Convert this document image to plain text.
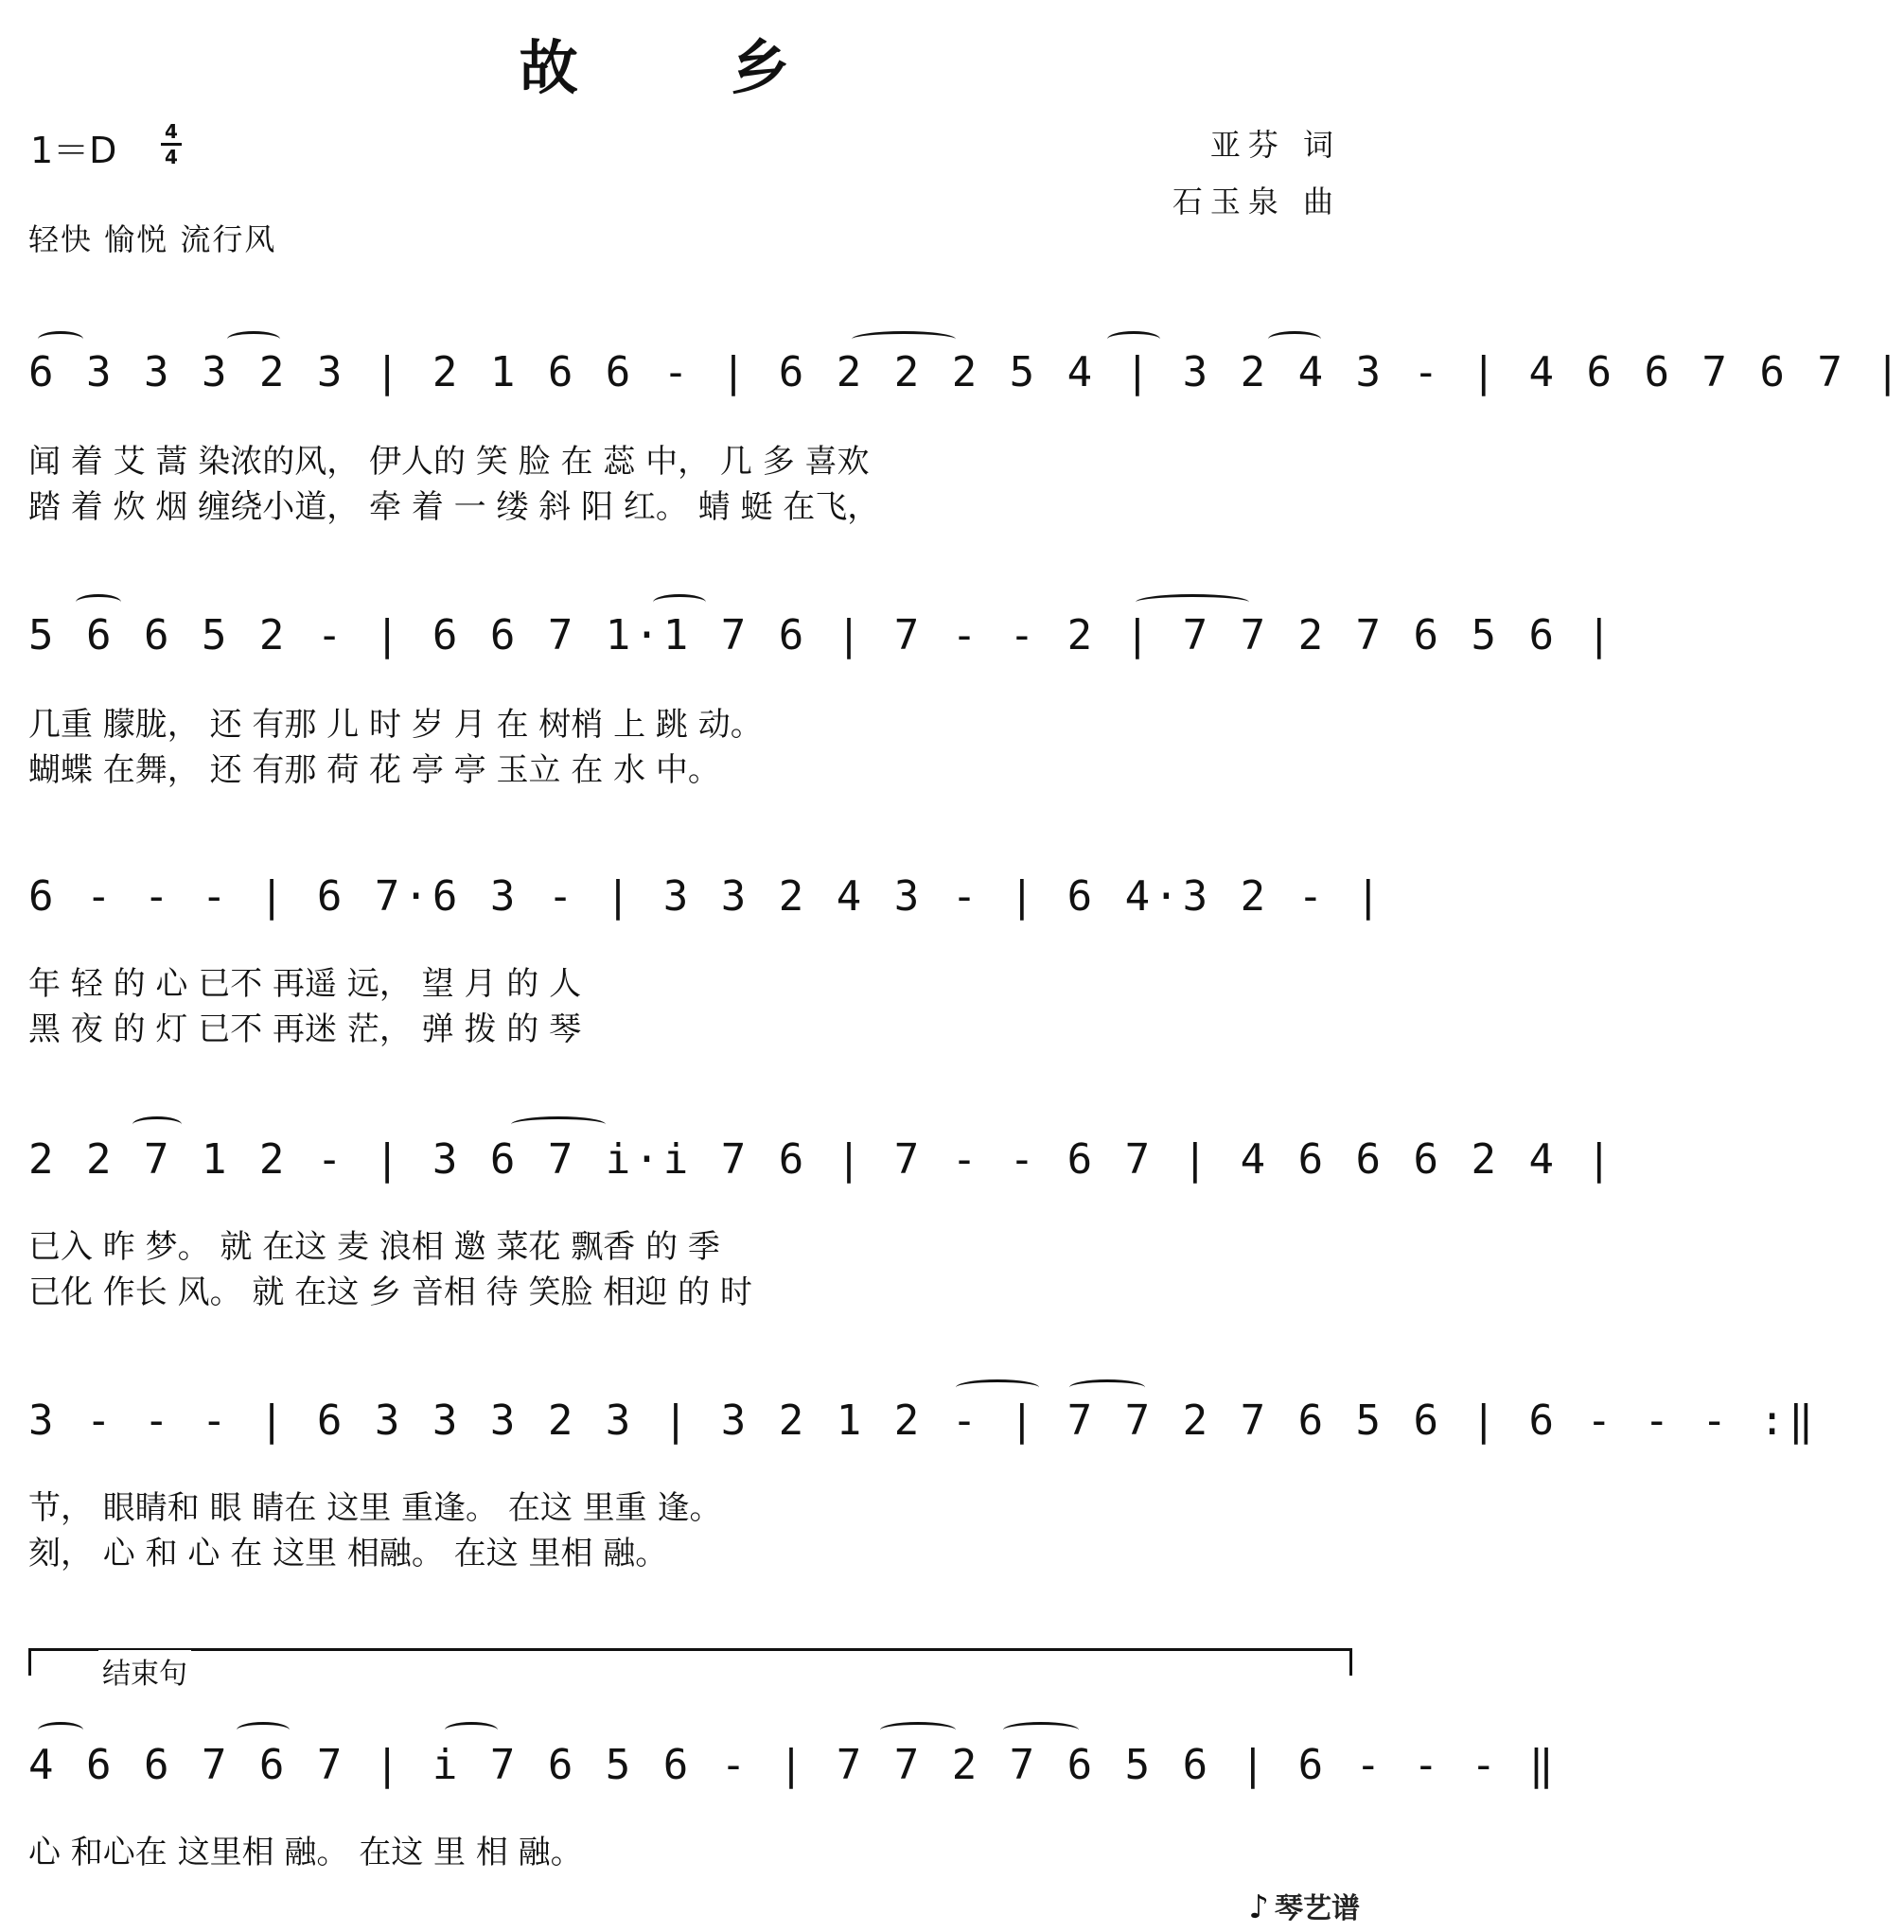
故 乡
1＝D	4
4	亚芬 词
石玉泉 曲
轻快 愉悦 流行风
6 3 3 3 2 3 | 2 1 6 6 - | 6 2 2 2 5 4 | 3 2 4 3 - | 4 6 6 7 6 7 |
闻 着 艾 蒿 染浓的风， 伊人的 笑 脸 在 蕊 中， 几 多 喜欢
踏 着 炊 烟 缠绕小道， 牵 着 一 缕 斜 阳 红。 蜻 蜓 在飞，
5 6 6 5 2 - | 6 6 7 1·1 7 6 | 7 - - 2 | 7 7 2 7 6 5 6 |
几重 朦胧， 还 有那 儿 时 岁 月 在 树梢 上 跳 动。
蝴蝶 在舞， 还 有那 荷 花 亭 亭 玉立 在 水 中。
6 - - - | 6 7·6 3 - | 3 3 2 4 3 - | 6 4·3 2 - |
年 轻 的 心 已不 再遥 远， 望 月 的 人
黑 夜 的 灯 已不 再迷 茫， 弹 拨 的 琴
2 2 7 1 2 - | 3 6 7 i·i 7 6 | 7 - - 6 7 | 4 6 6 6 2 4 |
已入 昨 梦。 就 在这 麦 浪相 邀 菜花 飘香 的 季
已化 作长 风。 就 在这 乡 音相 待 笑脸 相迎 的 时
3 - - - | 6 3 3 3 2 3 | 3 2 1 2 - | 7 7 2 7 6 5 6 | 6 - - - :‖
节， 眼睛和 眼 睛在 这里 重逢。 在这 里重 逢。
刻， 心 和 心 在 这里 相融。 在这 里相 融。
结束句
4 6 6 7 6 7 | i 7 6 5 6 - | 7 7 2 7 6 5 6 | 6 - - - ‖
心 和心在 这里相 融。 在这 里 相 融。
♪ 琴艺谱
